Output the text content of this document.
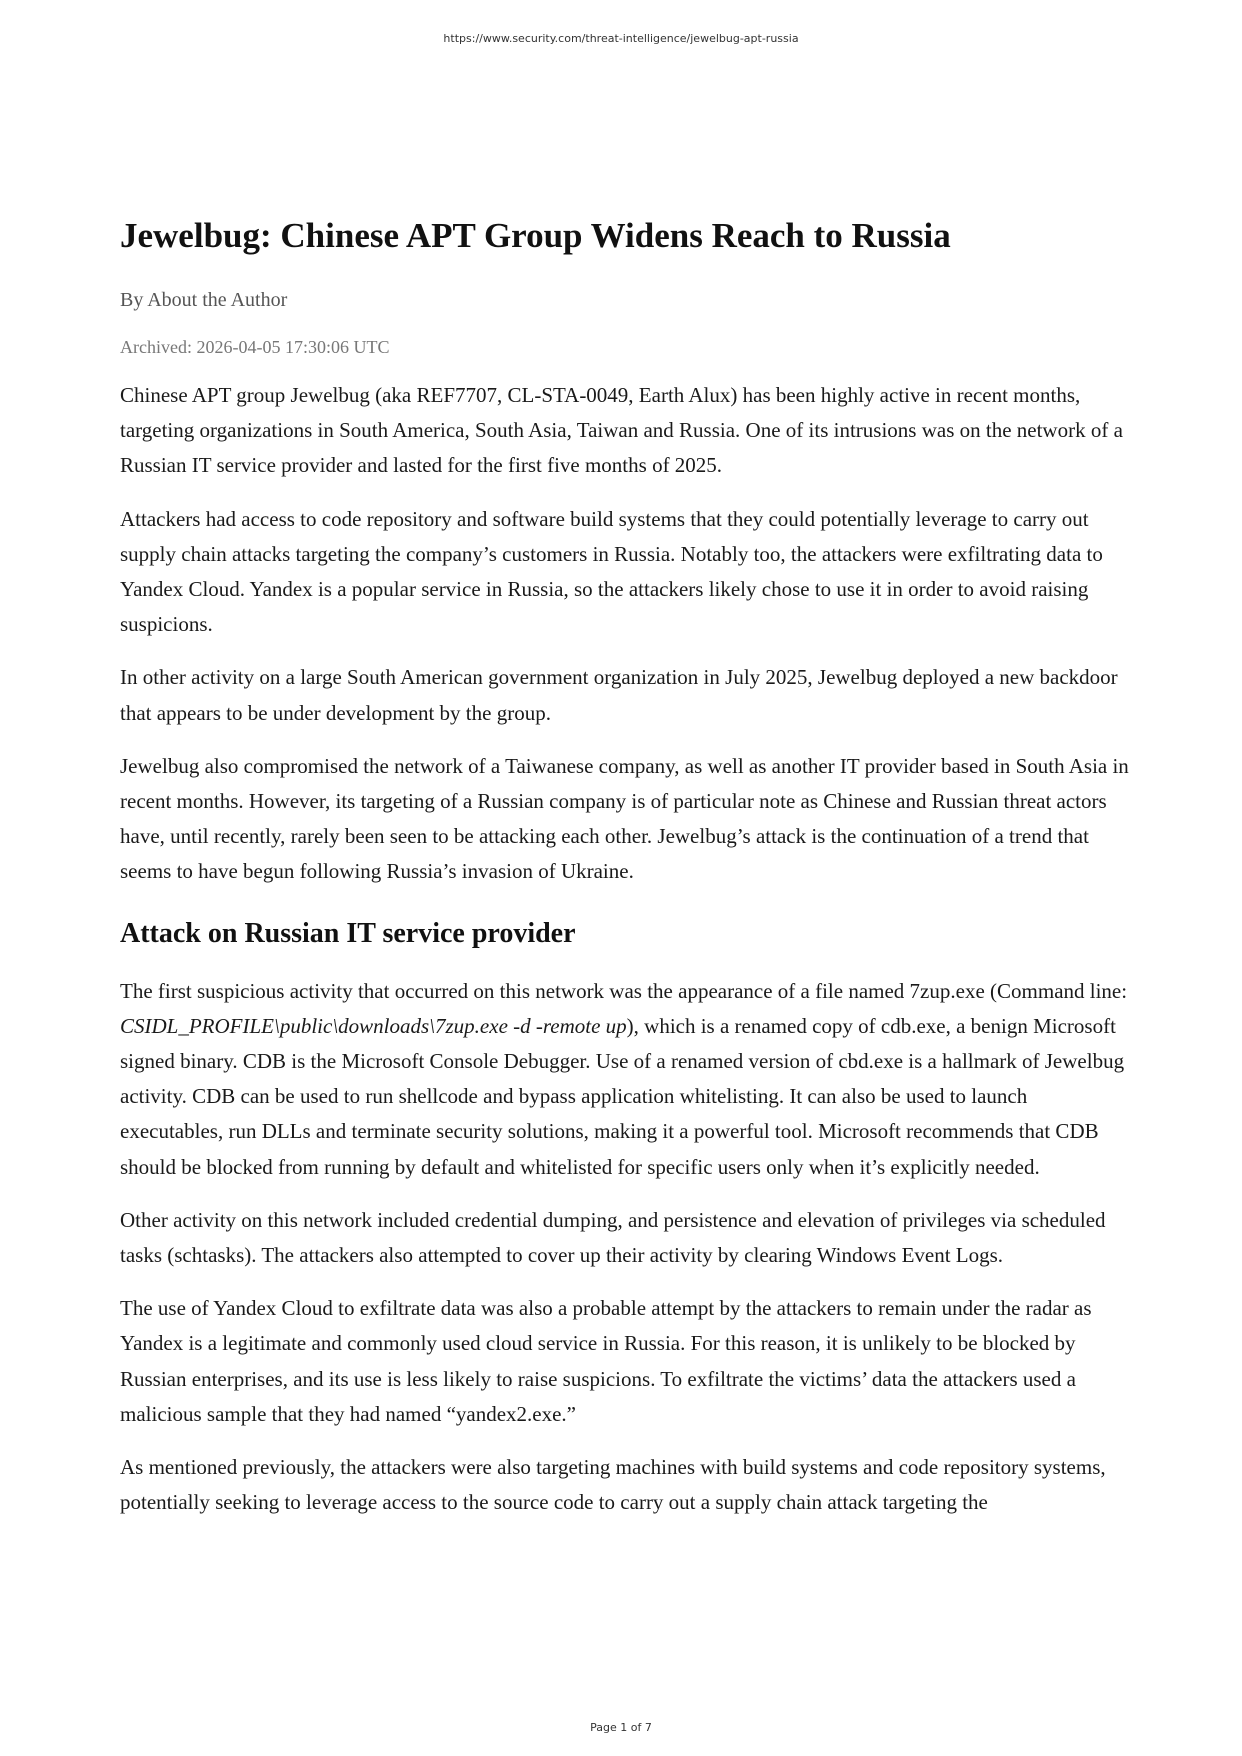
https://www.security.com/threat-intelligence/jewelbug-apt-russia
Jewelbug: Chinese APT Group Widens Reach to Russia
By About the Author
Archived: 2026-04-05 17:30:06 UTC

Chinese APT group Jewelbug (aka REF7707, CL-STA-0049, Earth Alux) has been highly active in recent months, targeting organizations in South America, South Asia, Taiwan and Russia. One of its intrusions was on the network of a Russian IT service provider and lasted for the first five months of 2025.

Attackers had access to code repository and software build systems that they could potentially leverage to carry out supply chain attacks targeting the company’s customers in Russia. Notably too, the attackers were exfiltrating data to Yandex Cloud. Yandex is a popular service in Russia, so the attackers likely chose to use it in order to avoid raising suspicions.

In other activity on a large South American government organization in July 2025, Jewelbug deployed a new backdoor that appears to be under development by the group.

Jewelbug also compromised the network of a Taiwanese company, as well as another IT provider based in South Asia in recent months. However, its targeting of a Russian company is of particular note as Chinese and Russian threat actors have, until recently, rarely been seen to be attacking each other. Jewelbug’s attack is the continuation of a trend that seems to have begun following Russia’s invasion of Ukraine.

Attack on Russian IT service provider

The first suspicious activity that occurred on this network was the appearance of a file named 7zup.exe (Command line: CSIDL_PROFILE\public\downloads\7zup.exe -d -remote up), which is a renamed copy of cdb.exe, a benign Microsoft signed binary. CDB is the Microsoft Console Debugger. Use of a renamed version of cbd.exe is a hallmark of Jewelbug activity. CDB can be used to run shellcode and bypass application whitelisting. It can also be used to launch executables, run DLLs and terminate security solutions, making it a powerful tool. Microsoft recommends that CDB should be blocked from running by default and whitelisted for specific users only when it’s explicitly needed.

Other activity on this network included credential dumping, and persistence and elevation of privileges via scheduled tasks (schtasks). The attackers also attempted to cover up their activity by clearing Windows Event Logs.

The use of Yandex Cloud to exfiltrate data was also a probable attempt by the attackers to remain under the radar as Yandex is a legitimate and commonly used cloud service in Russia. For this reason, it is unlikely to be blocked by Russian enterprises, and its use is less likely to raise suspicions. To exfiltrate the victims’ data the attackers used a malicious sample that they had named “yandex2.exe.”

As mentioned previously, the attackers were also targeting machines with build systems and code repository systems, potentially seeking to leverage access to the source code to carry out a supply chain attack targeting the

Page 1 of 7
